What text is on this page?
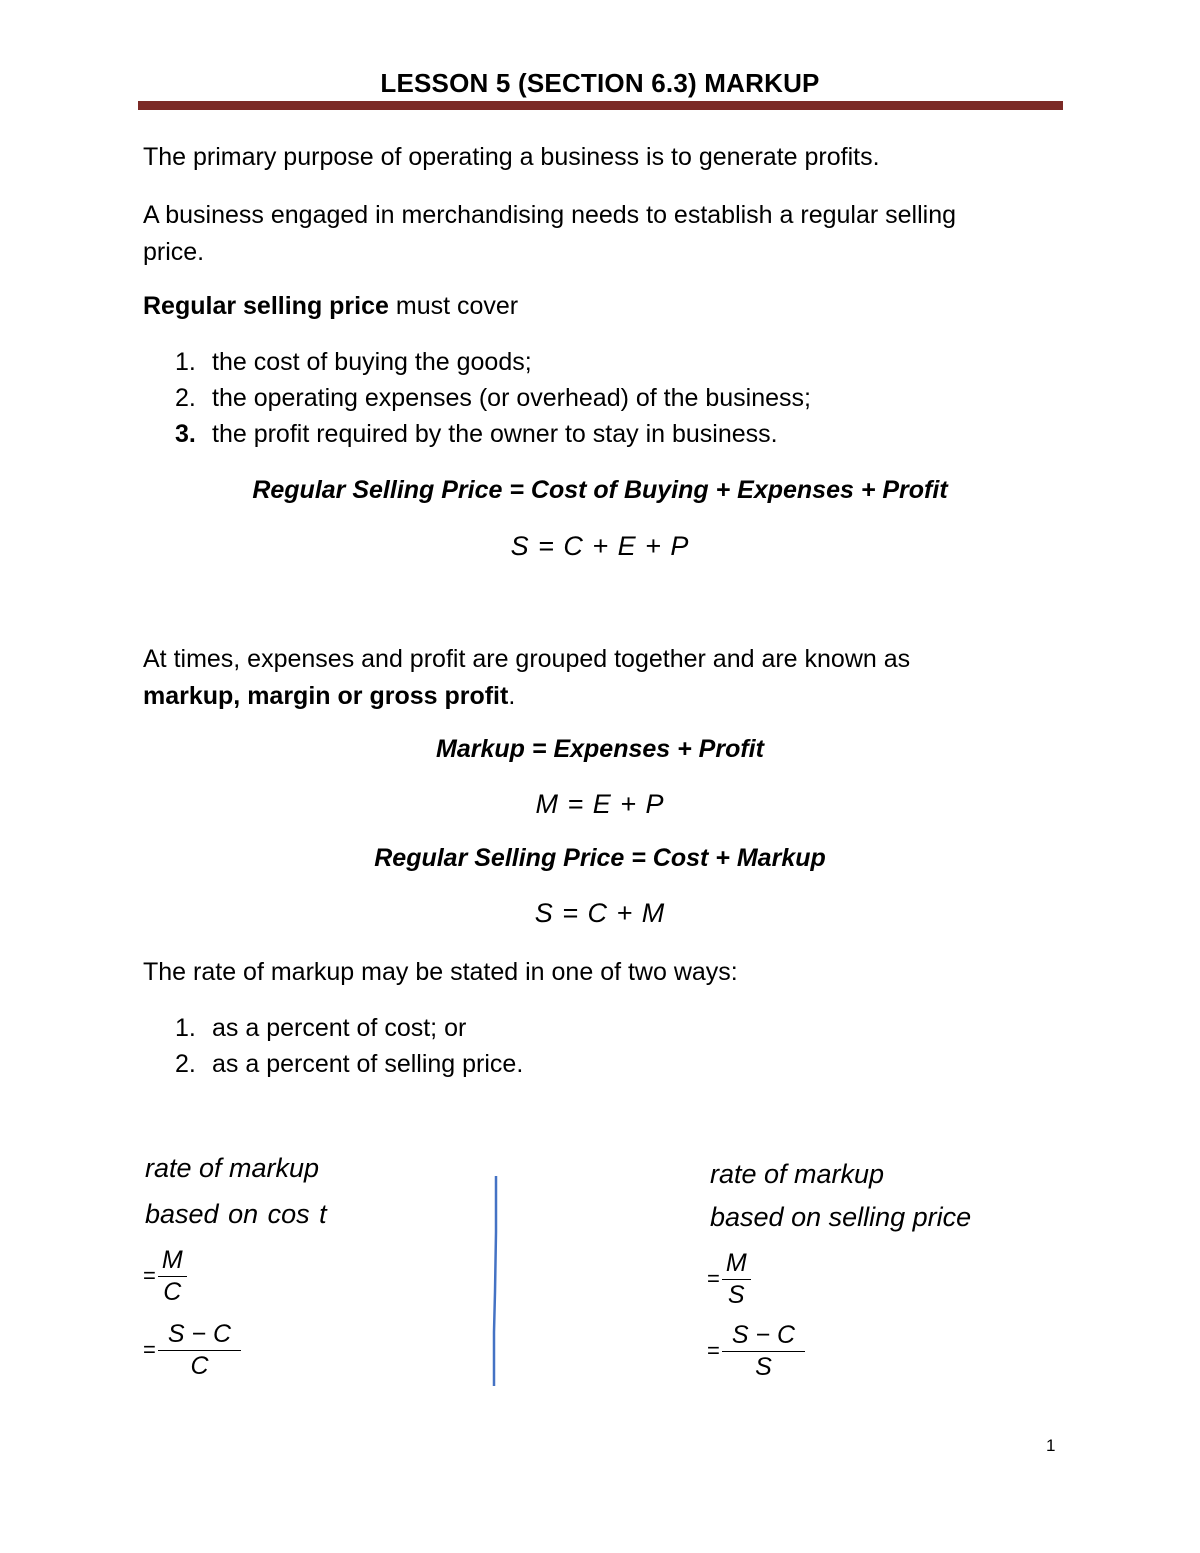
LESSON 5 (SECTION 6.3) MARKUP
The primary purpose of operating a business is to generate profits.
A business engaged in merchandising needs to establish a regular selling
price.
Regular selling price must cover
1. the cost of buying the goods;
2. the operating expenses (or overhead) of the business;
3. the profit required by the owner to stay in business.
Regular Selling Price = Cost of Buying + Expenses + Profit
S = C + E + P
At times, expenses and profit are grouped together and are known as
markup, margin or gross profit.
Markup = Expenses + Profit
M = E + P
Regular Selling Price = Cost + Markup
S = C + M
The rate of markup may be stated in one of two ways:
1. as a percent of cost; or
2. as a percent of selling price.
rate of markup
based on cos t
= $\frac{M}{C}$
= $\frac{S - C}{C}$
rate of markup
based on selling price
= $\frac{M}{S}$
= $\frac{S - C}{S}$
1
